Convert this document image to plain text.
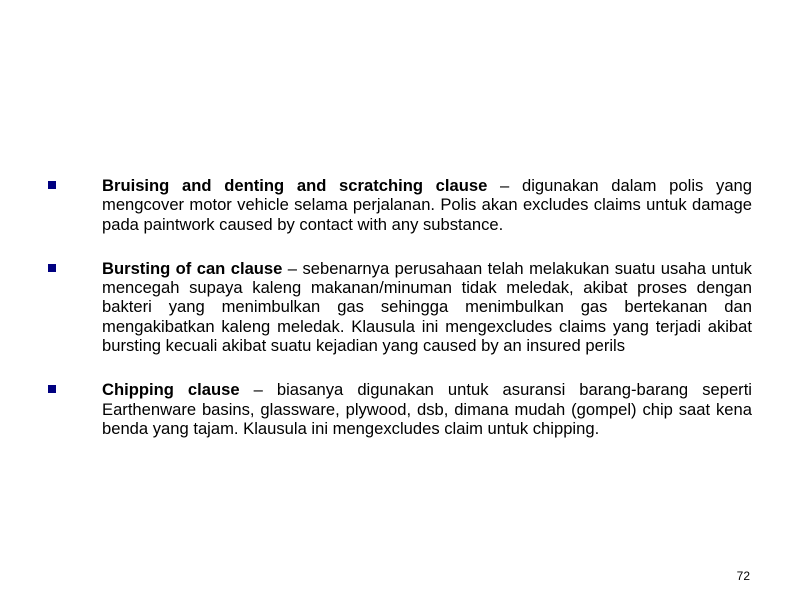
Bruising and denting and scratching clause – digunakan dalam polis yang mengcover motor vehicle selama perjalanan. Polis akan excludes claims untuk damage pada paintwork caused by contact with any substance.
Bursting of can clause – sebenarnya perusahaan telah melakukan suatu usaha untuk mencegah supaya kaleng makanan/minuman tidak meledak, akibat proses dengan bakteri yang menimbulkan gas sehingga menimbulkan gas bertekanan dan mengakibatkan kaleng meledak. Klausula ini mengexcludes claims yang terjadi akibat bursting kecuali akibat suatu kejadian yang caused by an insured perils
Chipping clause – biasanya digunakan untuk asuransi barang-barang seperti Earthenware basins, glassware, plywood, dsb, dimana mudah (gompel) chip saat kena benda yang tajam. Klausula ini mengexcludes claim untuk chipping.
72
